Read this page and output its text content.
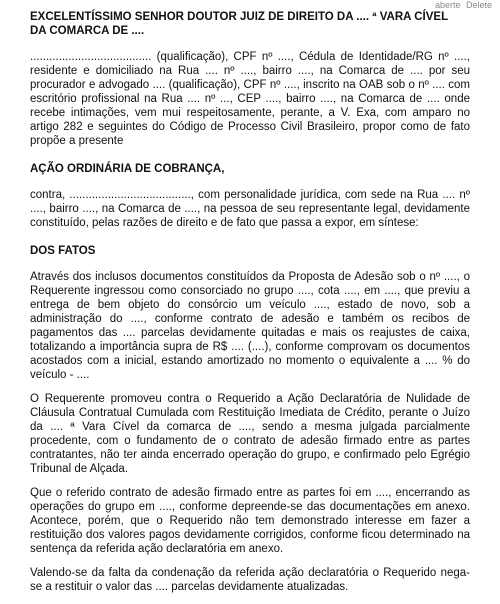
aberte Delete

EXCELENTÍSSIMO SENHOR DOUTOR JUIZ DE DIREITO DA .... ª VARA CÍVEL

DA COMARCA DE ....

...................................... (qualificação), CPF nº ...., Cédula de Identidade/RG nº ...., residente e domiciliado na Rua .... nº ...., bairro ...., na Comarca de .... por seu procurador e advogado .... (qualificação), CPF nº ...., inscrito na OAB sob o nº .... com escritório profissional na Rua .... nº ..., CEP ...., bairro ...., na Comarca de .... onde recebe intimações, vem mui respeitosamente, perante, a V. Exa, com amparo no artigo 282 e seguintes do Código de Processo Civil Brasileiro, propor como de fato propõe a presente

AÇÃO ORDINÁRIA DE COBRANÇA,

contra, ......................................, com personalidade jurídica, com sede na Rua .... nº ...., bairro ...., na Comarca de ...., na pessoa de seu representante legal, devidamente constituído, pelas razões de direito e de fato que passa a expor, em síntese:

DOS FATOS

Através dos inclusos documentos constituídos da Proposta de Adesão sob o nº ...., o Requerente ingressou como consorciado no grupo ...., cota ...., em ...., que previu a entrega de bem objeto do consórcio um veículo ...., estado de novo, sob a administração do ...., conforme contrato de adesão e também os recibos de pagamentos das .... parcelas devidamente quitadas e mais os reajustes de caixa, totalizando a importância supra de R$ .... (....), conforme comprovam os documentos acostados com a inicial, estando amortizado no momento o equivalente a .... % do veículo - ....

O Requerente promoveu contra o Requerido a Ação Declaratória de Nulidade de Cláusula Contratual Cumulada com Restituição Imediata de Crédito, perante o Juízo da .... ª Vara Cível da comarca de ...., sendo a mesma julgada parcialmente procedente, com o fundamento de o contrato de adesão firmado entre as partes contratantes, não ter ainda encerrado operação do grupo, e confirmado pelo Egrégio Tribunal de Alçada.

Que o referido contrato de adesão firmado entre as partes foi em ...., encerrando as operações do grupo em ...., conforme depreende-se das documentações em anexo. Acontece, porém, que o Requerido não tem demonstrado interesse em fazer a restituição dos valores pagos devidamente corrigidos, conforme ficou determinado na sentença da referida ação declaratória em anexo.

Valendo-se da falta da condenação da referida ação declaratória o Requerido nega-se a restituir o valor das .... parcelas devidamente atualizadas.
